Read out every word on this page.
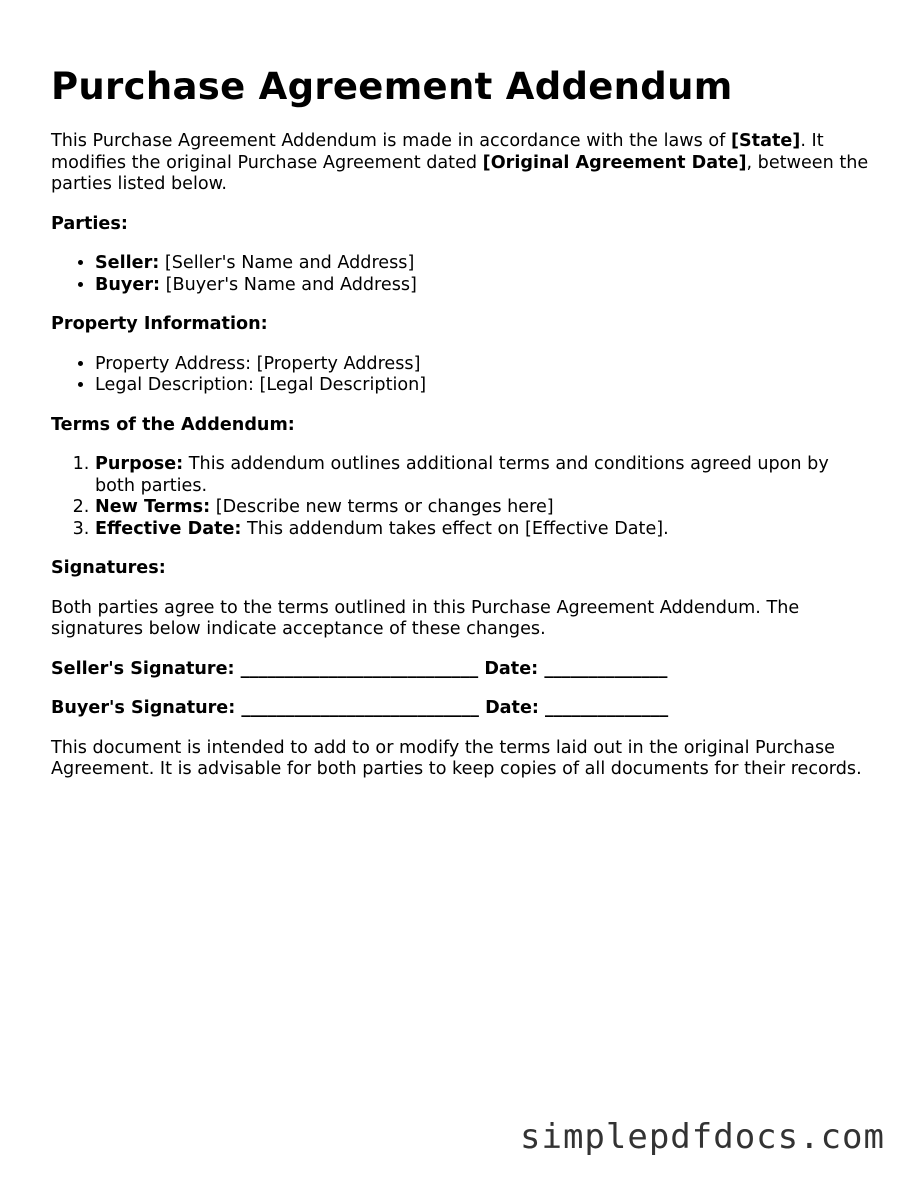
Purchase Agreement Addendum

This Purchase Agreement Addendum is made in accordance with the laws of [State]. It modifies the original Purchase Agreement dated [Original Agreement Date], between the parties listed below.

Parties:

• Seller: [Seller's Name and Address]
• Buyer: [Buyer's Name and Address]

Property Information:

• Property Address: [Property Address]
• Legal Description: [Legal Description]

Terms of the Addendum:

1. Purpose: This addendum outlines additional terms and conditions agreed upon by both parties.
2. New Terms: [Describe new terms or changes here]
3. Effective Date: This addendum takes effect on [Effective Date].

Signatures:

Both parties agree to the terms outlined in this Purchase Agreement Addendum. The signatures below indicate acceptance of these changes.

Seller's Signature: ___________________________ Date: ______________

Buyer's Signature: ___________________________ Date: ______________

This document is intended to add to or modify the terms laid out in the original Purchase Agreement. It is advisable for both parties to keep copies of all documents for their records.

simplepdfdocs.com
